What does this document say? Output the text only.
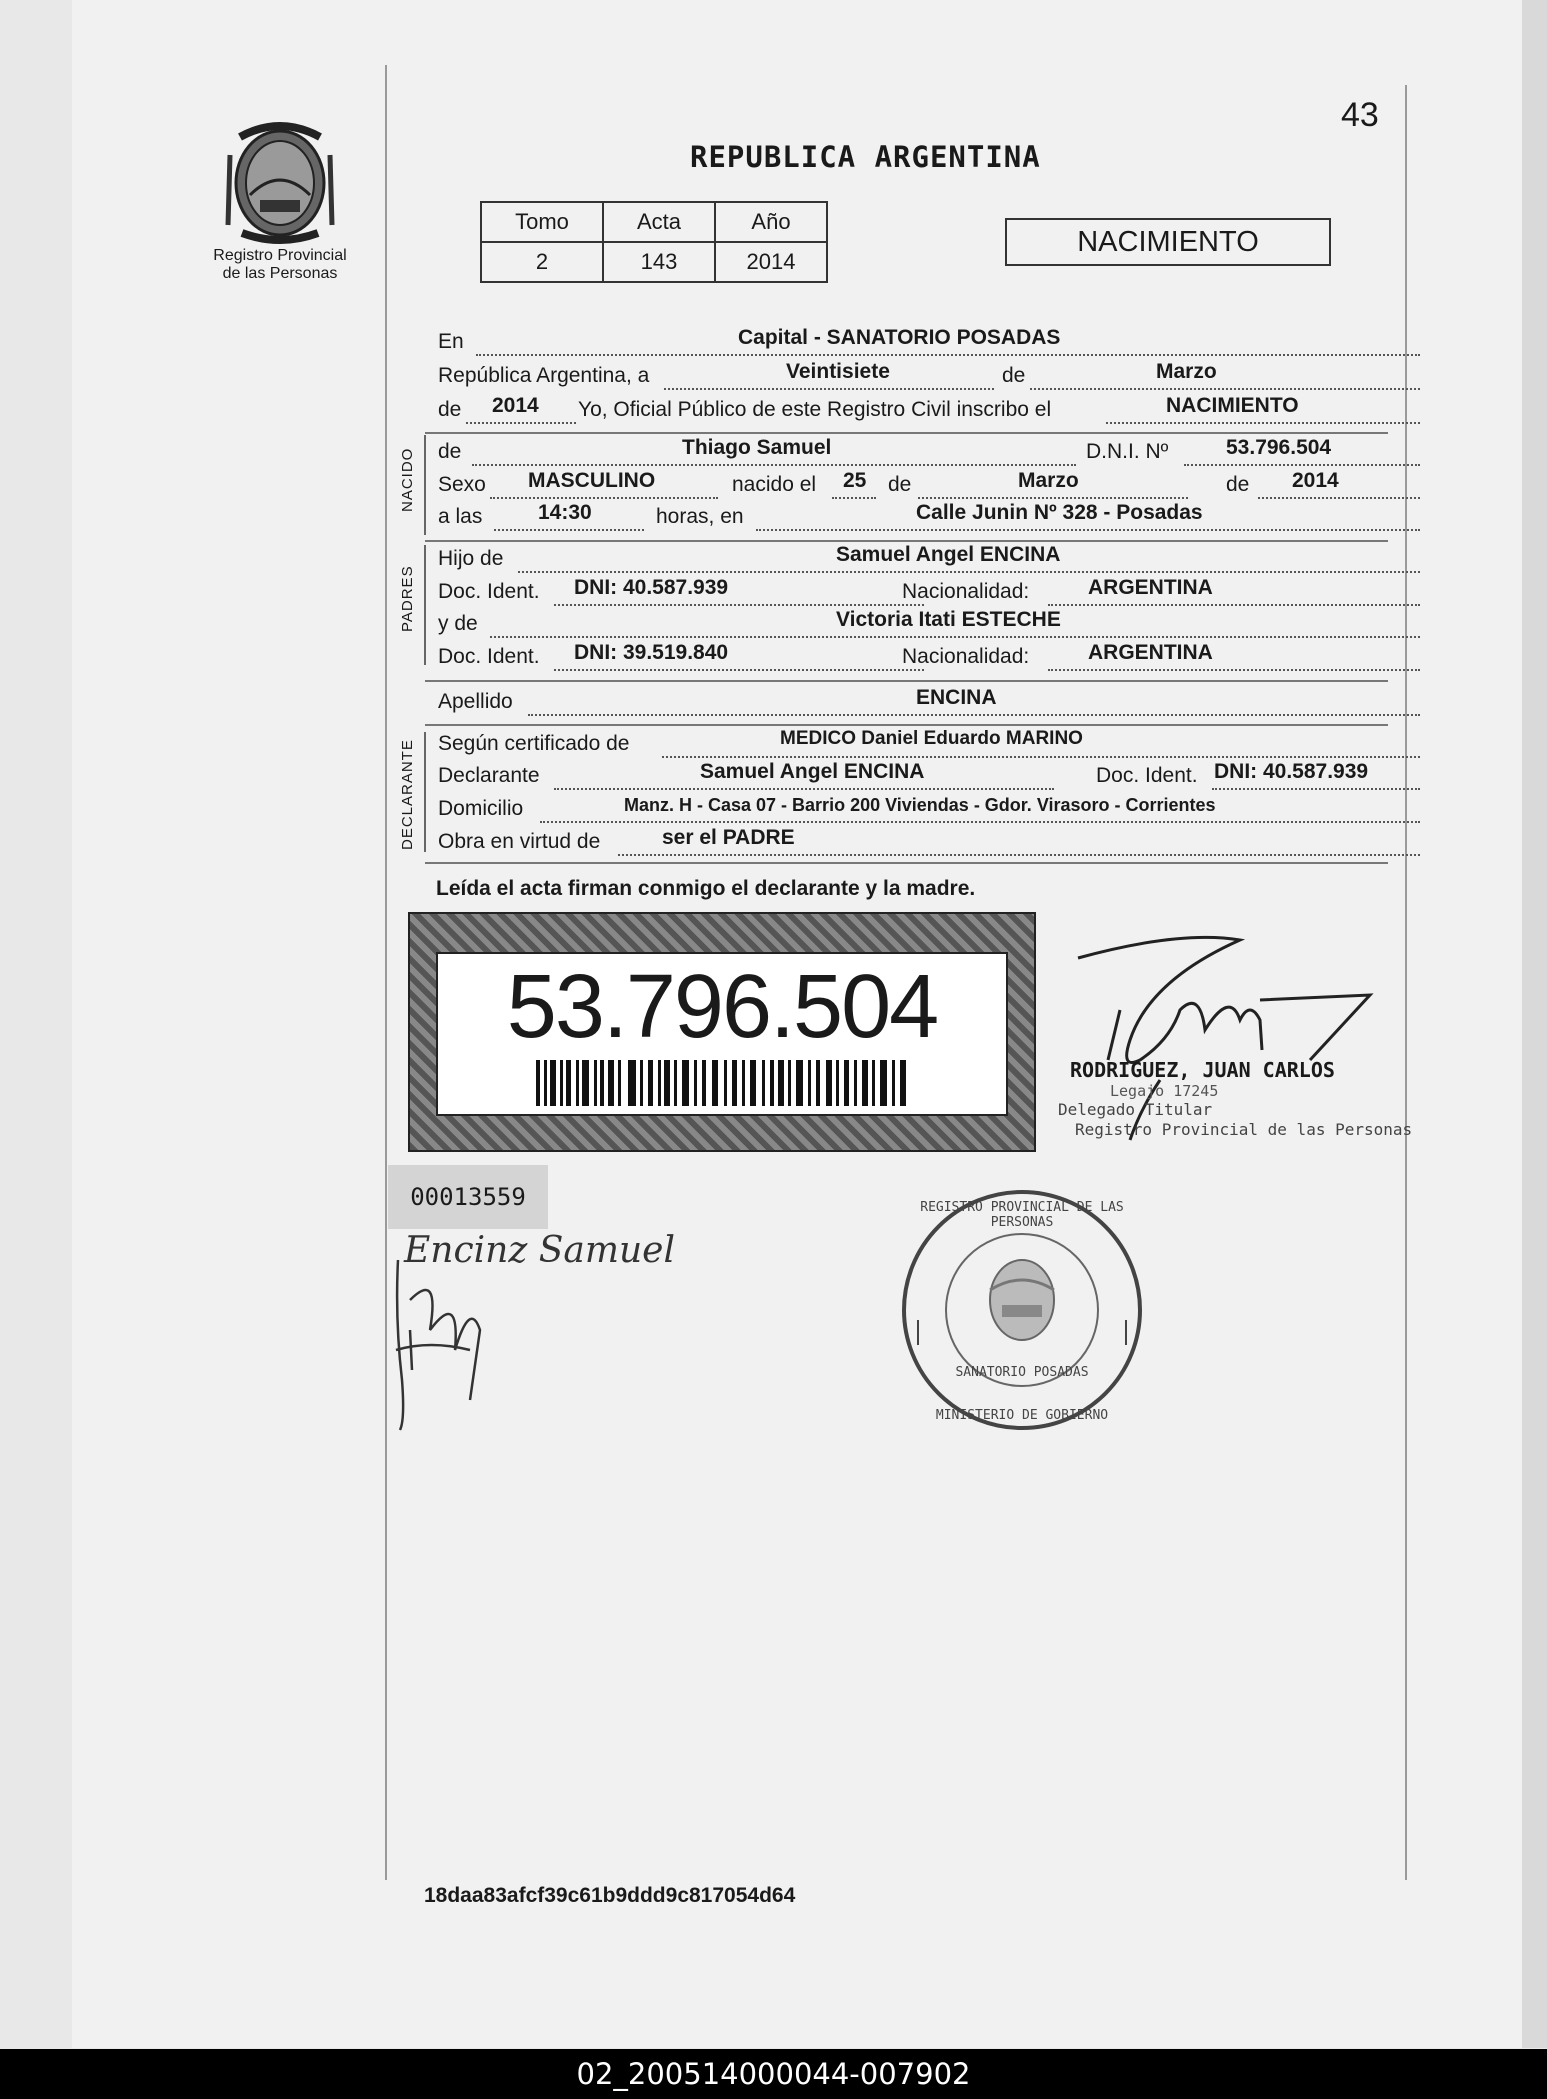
43
Registro Provincial
de las Personas
REPUBLICA ARGENTINA
Tomo	Acta	Año
2	143	2014
NACIMIENTO
En	Capital - SANATORIO POSADAS
República Argentina, a	Veintisiete	de	Marzo
de 2014 Yo, Oficial Público de este Registro Civil inscribo el	NACIMIENTO
NACIDO de	Thiago Samuel	D.N.I. Nº	53.796.504
Sexo MASCULINO	nacido el 25 de	Marzo	de 2014
a las	14:30	horas, en	Calle Junin Nº 328 - Posadas
PADRES
Hijo de	Samuel Angel ENCINA
Doc. Ident. DNI: 40.587.939	Nacionalidad:	ARGENTINA
y de	Victoria Itati ESTECHE
Doc. Ident. DNI: 39.519.840	Nacionalidad:	ARGENTINA
Apellido	ENCINA
DECLARANTE Según certificado de	MEDICO Daniel Eduardo MARINO
Declarante	Samuel Angel ENCINA	Doc. Ident. DNI: 40.587.939
Domicilio	Manz. H - Casa 07 - Barrio 200 Viviendas - Gdor. Virasoro - Corrientes
Obra en virtud de	ser el PADRE
Leída el acta firman conmigo el declarante y la madre.
53.796.504
00013559
Encinz Samuel
RODRIGUEZ, JUAN CARLOS
Legajo 17245
Delegado Titular
Registro Provincial de las Personas
REGISTRO PROVINCIAL DE LAS PERSONAS
SANATORIO POSADAS
MINISTERIO DE GOBIERNO
18daa83afcf39c61b9ddd9c817054d64
02_200514000044-007902
